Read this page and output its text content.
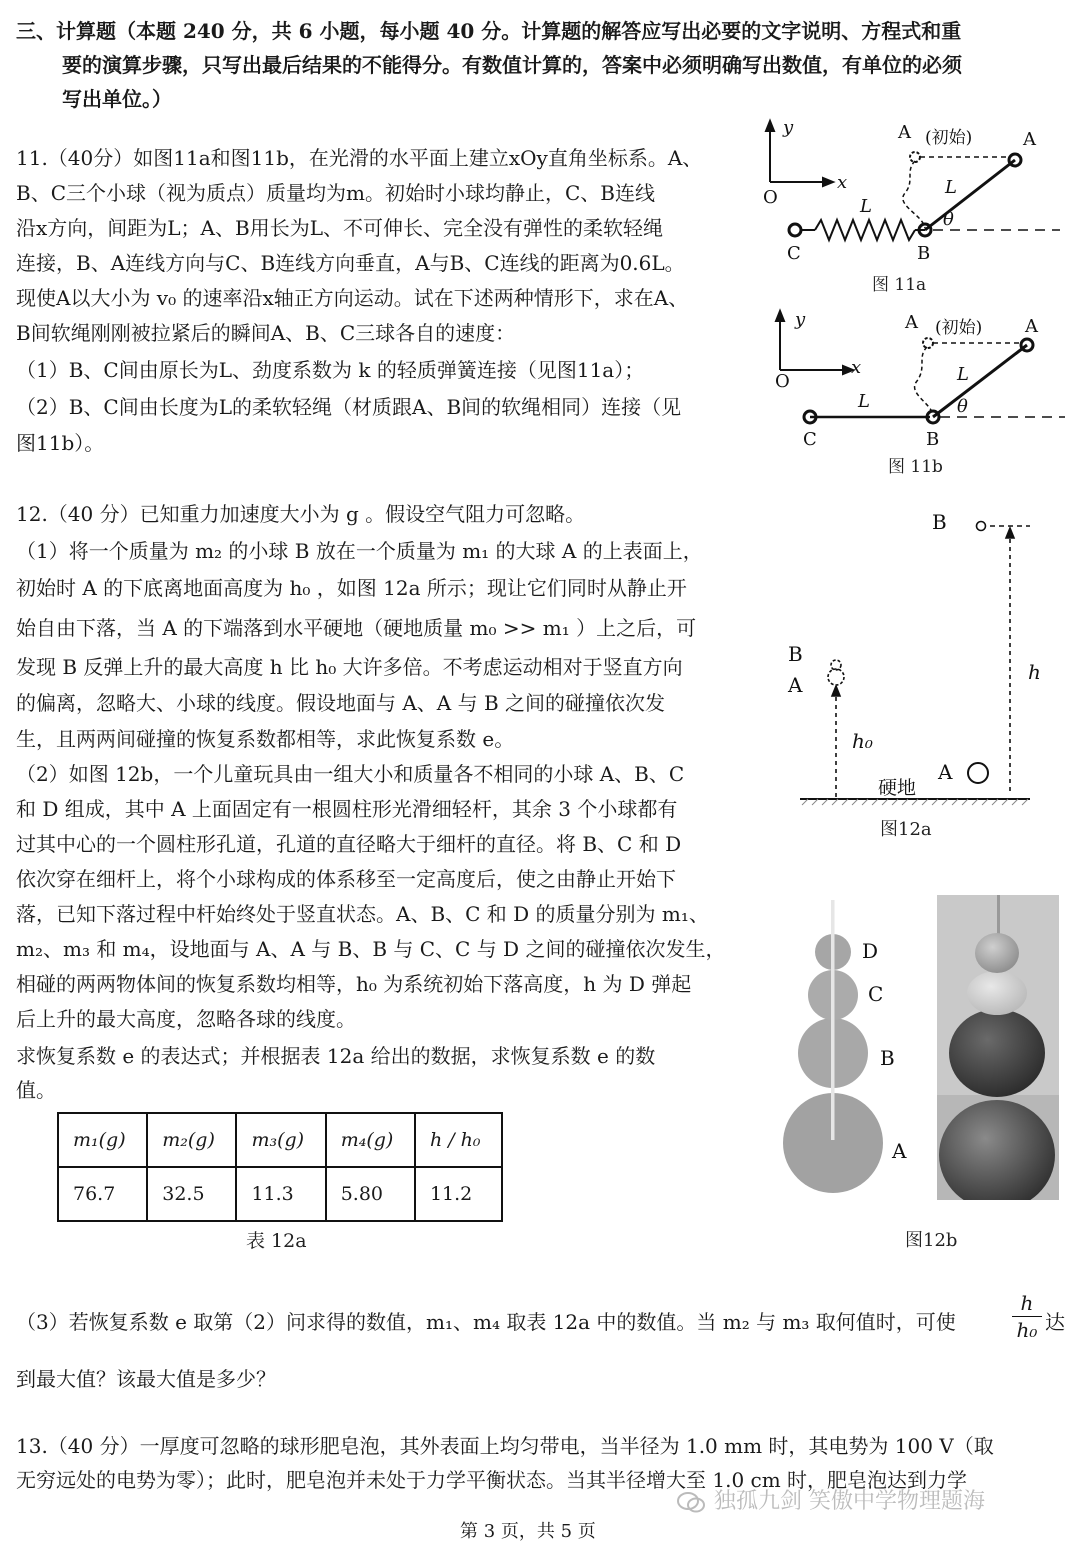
三、计算题（本题 240 分，共 6 小题，每小题 40 分。计算题的解答应写出必要的文字说明、方程式和重
要的演算步骤，只写出最后结果的不能得分。有数值计算的，答案中必须明确写出数值，有单位的必须
写出单位。）
11.（40分）如图11a和图11b，在光滑的水平面上建立xOy直角坐标系。A、
B、C三个小球（视为质点）质量均为m。初始时小球均静止，C、B连线
沿x方向，间距为L；A、B用长为L、不可伸长、完全没有弹性的柔软轻绳
连接，B、A连线方向与C、B连线方向垂直，A与B、C连线的距离为0.6L。
现使A以大小为 v₀ 的速率沿x轴正方向运动。试在下述两种情形下，求在A、
B间软绳刚刚被拉紧后的瞬间A、B、C三球各自的速度：
（1）B、C间由原长为L、劲度系数为 k 的轻质弹簧连接（见图11a）；
（2）B、C间由长度为L的柔软轻绳（材质跟A、B间的软绳相同）连接（见
图11b）。
y
x
O
A (初始)	A
L
L
θ
C	B
图 11a
y
x
O
A (初始) A
L
L
θ
C	B
图 11b
12.（40 分）已知重力加速度大小为 g 。假设空气阻力可忽略。
（1）将一个质量为 m₂ 的小球 B 放在一个质量为 m₁ 的大球 A 的上表面上，
初始时 A 的下底离地面高度为 h₀ ，如图 12a 所示；现让它们同时从静止开
始自由下落，当 A 的下端落到水平硬地（硬地质量 m₀ >> m₁ ）上之后，可
发现 B 反弹上升的最大高度 h 比 h₀ 大许多倍。不考虑运动相对于竖直方向
的偏离，忽略大、小球的线度。假设地面与 A、A 与 B 之间的碰撞依次发
生，且两两间碰撞的恢复系数都相等，求此恢复系数 e。
（2）如图 12b，一个儿童玩具由一组大小和质量各不相同的小球 A、B、C
和 D 组成，其中 A 上面固定有一根圆柱形光滑细轻杆，其余 3 个小球都有
过其中心的一个圆柱形孔道，孔道的直径略大于细杆的直径。将 B、C 和 D
依次穿在细杆上，将个小球构成的体系移至一定高度后，使之由静止开始下
落，已知下落过程中杆始终处于竖直状态。A、B、C 和 D 的质量分别为 m₁、
m₂、m₃ 和 m₄，设地面与 A、A 与 B、B 与 C、C 与 D 之间的碰撞依次发生，
相碰的两两物体间的恢复系数均相等，h₀ 为系统初始下落高度，h 为 D 弹起
后上升的最大高度，忽略各球的线度。
求恢复系数 e 的表达式；并根据表 12a 给出的数据，求恢复系数 e 的数
值。
m₁(g)	m₂(g)	m₃(g)	m₄(g)	h / h₀
76.7	32.5	11.3	5.80	11.2
表 12a
B
h
B
A
h₀
硬地
A
图12a
D
C
B
A
图12b
（3）若恢复系数 e 取第（2）问求得的数值，m₁、m₄ 取表 12a 中的数值。当 m₂ 与 m₃ 取何值时，可使
h
h₀ 达
到最大值？该最大值是多少？
13.（40 分）一厚度可忽略的球形肥皂泡，其外表面上均匀带电，当半径为 1.0 mm 时，其电势为 100 V（取
无穷远处的电势为零）；此时，肥皂泡并未处于力学平衡状态。当其半径增大至 1.0 cm 时，肥皂泡达到力学
独孤九剑 笑傲中学物理题海
第 3 页，共 5 页
